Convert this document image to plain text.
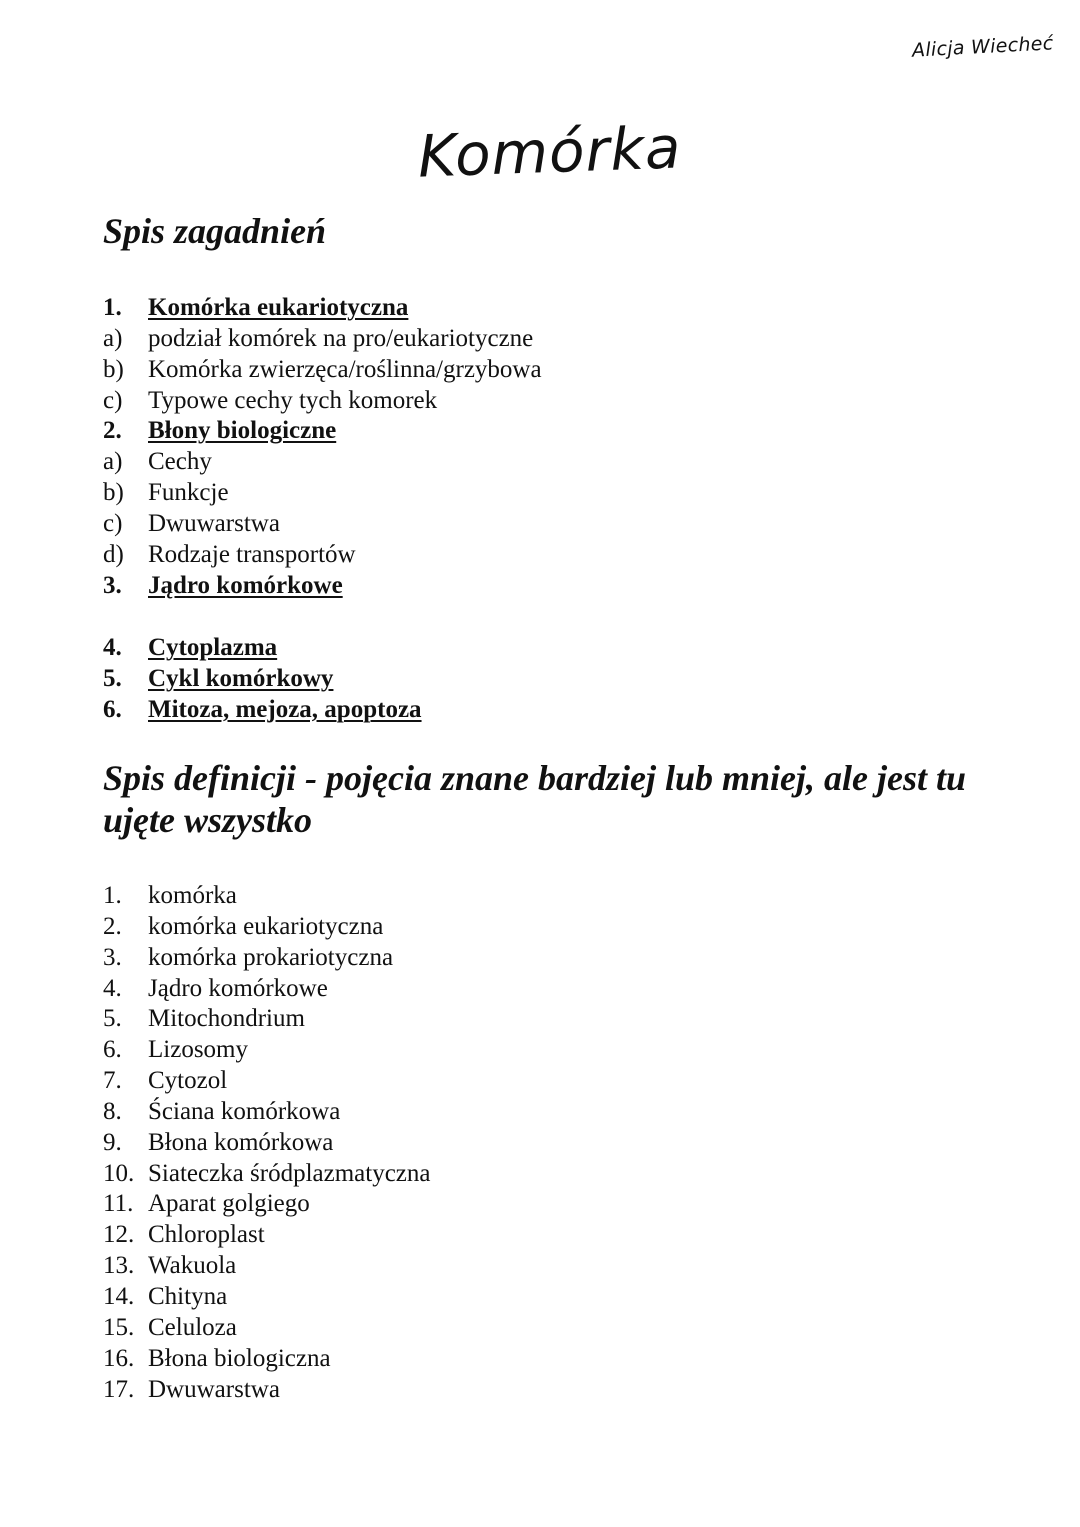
Alicja Wiecheć
Komórka
Spis zagadnień
1.	Komórka eukariotyczna
a)	podział komórek na pro/eukariotyczne
b) Komórka zwierzęca/roślinna/grzybowa
c)	Typowe cechy tych komorek
2.	Błony biologiczne
a)	Cechy
b) Funkcje
c)	Dwuwarstwa
d) Rodzaje transportów
3.	Jądro komórkowe
4.	Cytoplazma
5.	Cykl komórkowy
6.	Mitoza, mejoza, apoptoza
Spis definicji - pojęcia znane bardziej lub mniej, ale jest tu ujęte wszystko
1.	komórka
2.	komórka eukariotyczna
3.	komórka prokariotyczna
4.	Jądro komórkowe
5.	Mitochondrium
6.	Lizosomy
7.	Cytozol
8.	Ściana komórkowa
9.	Błona komórkowa
10. Siateczka śródplazmatyczna
11. Aparat golgiego
12. Chloroplast
13. Wakuola
14. Chityna
15. Celuloza
16. Błona biologiczna
17. Dwuwarstwa
